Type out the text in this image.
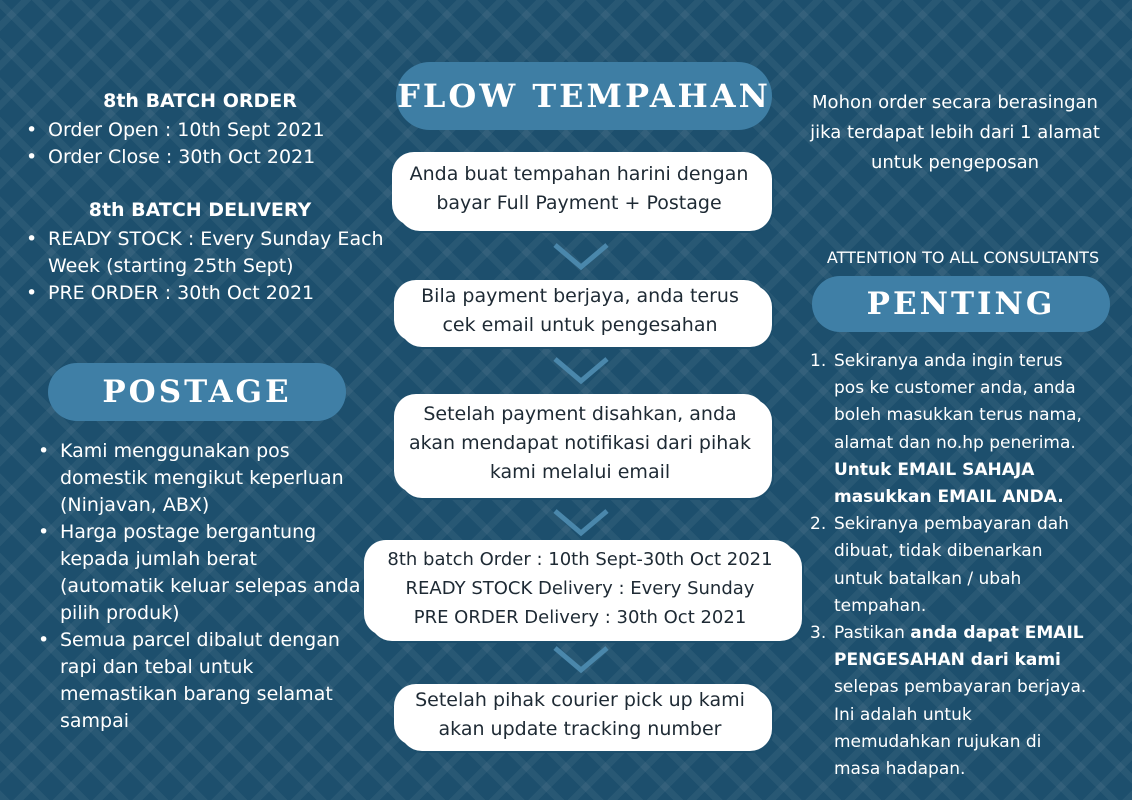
8th BATCH ORDER
• Order Open : 10th Sept 2021
• Order Close : 30th Oct 2021
8th BATCH DELIVERY
• READY STOCK : Every Sunday Each Week (starting 25th Sept)
• PRE ORDER : 30th Oct 2021
POSTAGE
• Kami menggunakan pos domestik mengikut keperluan (Ninjavan, ABX)
• Harga postage bergantung kepada jumlah berat (automatik keluar selepas anda pilih produk)
• Semua parcel dibalut dengan rapi dan tebal untuk memastikan barang selamat sampai
FLOW TEMPAHAN
Anda buat tempahan harini dengan
bayar Full Payment + Postage
Bila payment berjaya, anda terus
cek email untuk pengesahan
Setelah payment disahkan, anda
akan mendapat notifikasi dari pihak
kami melalui email
8th batch Order : 10th Sept-30th Oct 2021
READY STOCK Delivery : Every Sunday
PRE ORDER Delivery : 30th Oct 2021
Setelah pihak courier pick up kami
akan update tracking number
Mohon order secara berasingan
jika terdapat lebih dari 1 alamat
untuk pengeposan
ATTENTION TO ALL CONSULTANTS
PENTING
1. Sekiranya anda ingin terus pos ke customer anda, anda boleh masukkan terus nama, alamat dan no.hp penerima. Untuk EMAIL SAHAJA masukkan EMAIL ANDA.
2. Sekiranya pembayaran dah dibuat, tidak dibenarkan untuk batalkan / ubah tempahan.
3. Pastikan anda dapat EMAIL PENGESAHAN dari kami selepas pembayaran berjaya. Ini adalah untuk memudahkan rujukan di masa hadapan.
